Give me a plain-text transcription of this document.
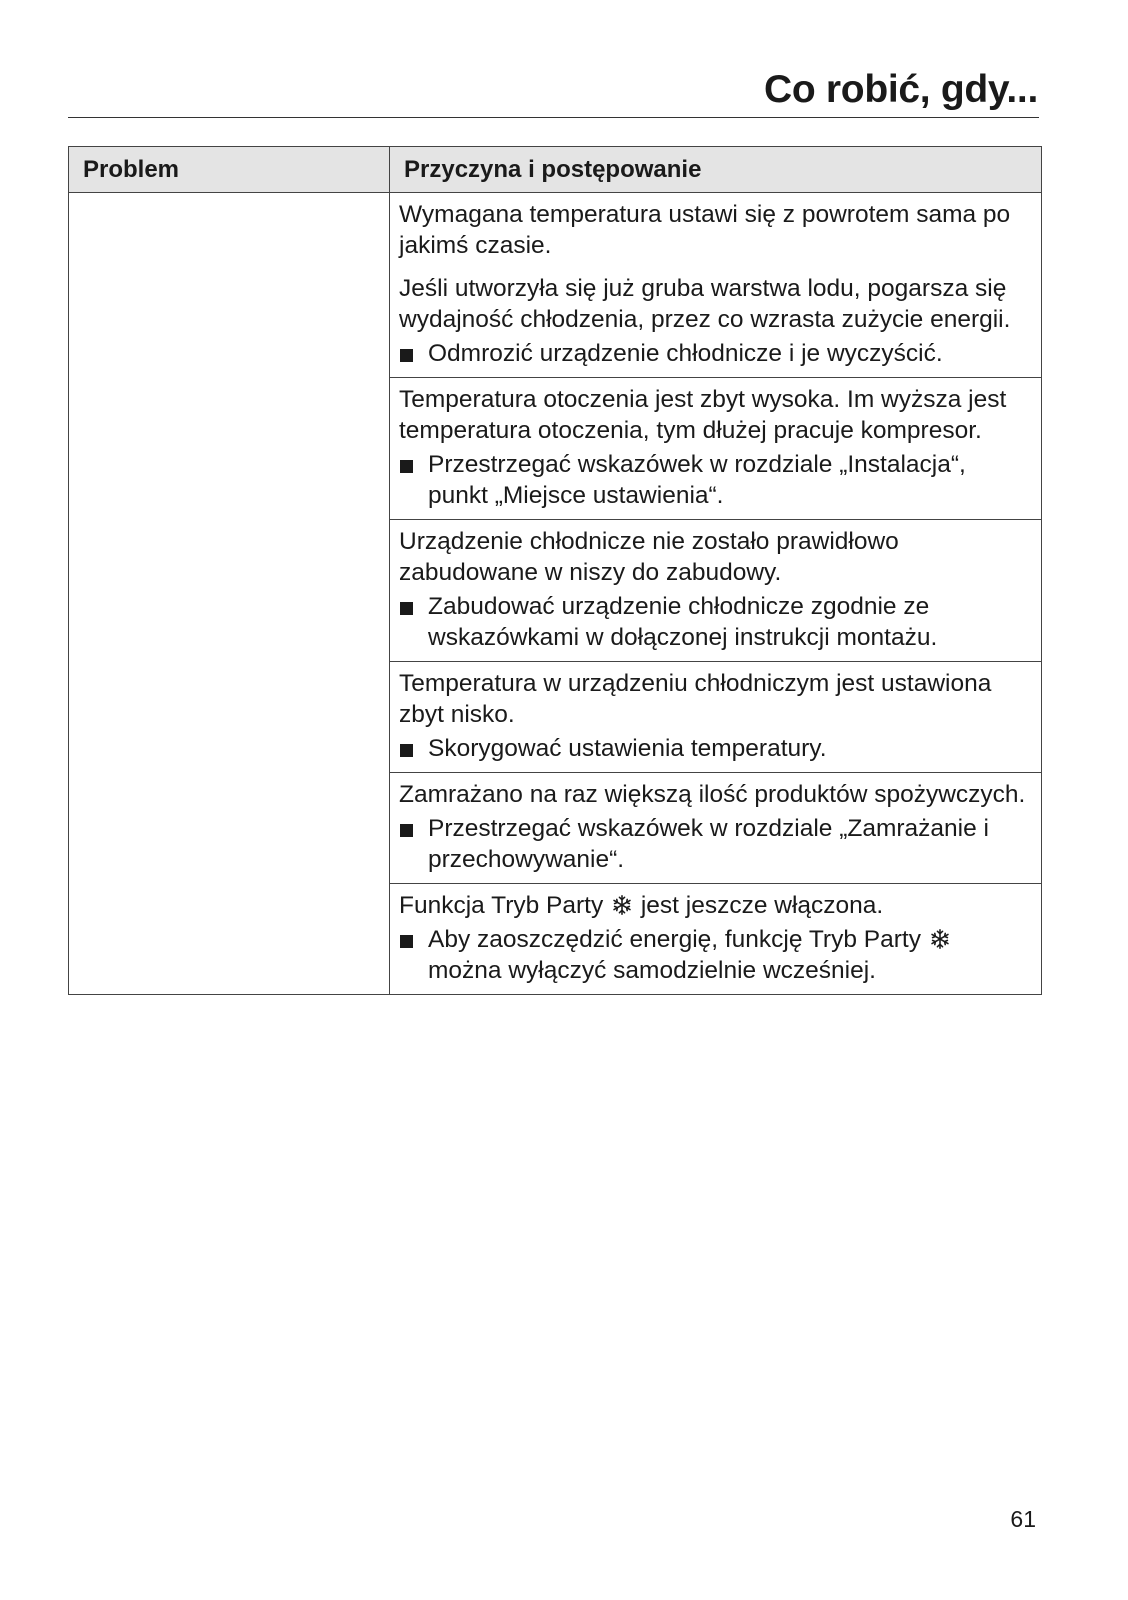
Co robić, gdy...
Problem	Przyczyna i postępowanie

	Wymagana temperatura ustawi się z powrotem sama po jakimś czasie.

Jeśli utworzyła się już gruba warstwa lodu, pogarsza się wydajność chłodzenia, przez co wzrasta zużycie energii.

Odmrozić urządzenie chłodnicze i je wyczyścić.

	Temperatura otoczenia jest zbyt wysoka. Im wyższa jest temperatura otoczenia, tym dłużej pracuje kompresor.

Przestrzegać wskazówek w rozdziale „Instalacja“, punkt „Miejsce ustawienia“.

	Urządzenie chłodnicze nie zostało prawidłowo zabudowane w niszy do zabudowy.

Zabudować urządzenie chłodnicze zgodnie ze wskazówkami w dołączonej instrukcji montażu.

	Temperatura w urządzeniu chłodniczym jest ustawiona zbyt nisko.

Skorygować ustawienia temperatury.

	Zamrażano na raz większą ilość produktów spożywczych.

Przestrzegać wskazówek w rozdziale „Zamrażanie i przechowywanie“.

	Funkcja Tryb Party jest jeszcze włączona.

Aby zaoszczędzić energię, funkcję Tryb Party

można wyłączyć samodzielnie wcześniej.
61
